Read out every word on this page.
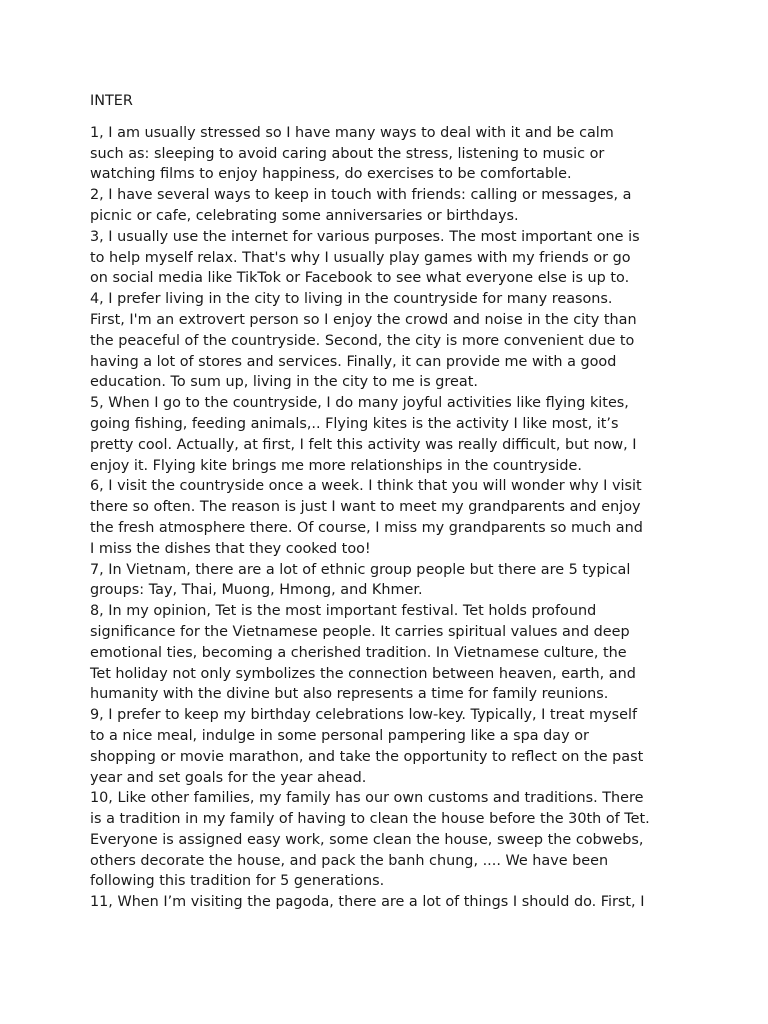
INTER

1, I am usually stressed so I have many ways to deal with it and be calm
such as: sleeping to avoid caring about the stress, listening to music or
watching films to enjoy happiness, do exercises to be comfortable.

2, I have several ways to keep in touch with friends: calling or messages, a
picnic or cafe, celebrating some anniversaries or birthdays.

3, I usually use the internet for various purposes. The most important one is
to help myself relax. That's why I usually play games with my friends or go
on social media like TikTok or Facebook to see what everyone else is up to.

4, I prefer living in the city to living in the countryside for many reasons.
First, I'm an extrovert person so I enjoy the crowd and noise in the city than
the peaceful of the countryside. Second, the city is more convenient due to
having a lot of stores and services. Finally, it can provide me with a good
education. To sum up, living in the city to me is great.

5, When I go to the countryside, I do many joyful activities like flying kites,
going fishing, feeding animals,.. Flying kites is the activity I like most, it’s
pretty cool. Actually, at first, I felt this activity was really difficult, but now, I
enjoy it. Flying kite brings me more relationships in the countryside.

6, I visit the countryside once a week. I think that you will wonder why I visit
there so often. The reason is just I want to meet my grandparents and enjoy
the fresh atmosphere there. Of course, I miss my grandparents so much and
I miss the dishes that they cooked too!

7, In Vietnam, there are a lot of ethnic group people but there are 5 typical
groups: Tay, Thai, Muong, Hmong, and Khmer.

8, In my opinion, Tet is the most important festival. Tet holds profound
significance for the Vietnamese people. It carries spiritual values and deep
emotional ties, becoming a cherished tradition. In Vietnamese culture, the
Tet holiday not only symbolizes the connection between heaven, earth, and
humanity with the divine but also represents a time for family reunions.

9, I prefer to keep my birthday celebrations low-key. Typically, I treat myself
to a nice meal, indulge in some personal pampering like a spa day or
shopping or movie marathon, and take the opportunity to reflect on the past
year and set goals for the year ahead.

10, Like other families, my family has our own customs and traditions. There
is a tradition in my family of having to clean the house before the 30th of Tet.
Everyone is assigned easy work, some clean the house, sweep the cobwebs,
others decorate the house, and pack the banh chung, .... We have been
following this tradition for 5 generations.

11, When I’m visiting the pagoda, there are a lot of things I should do. First, I
